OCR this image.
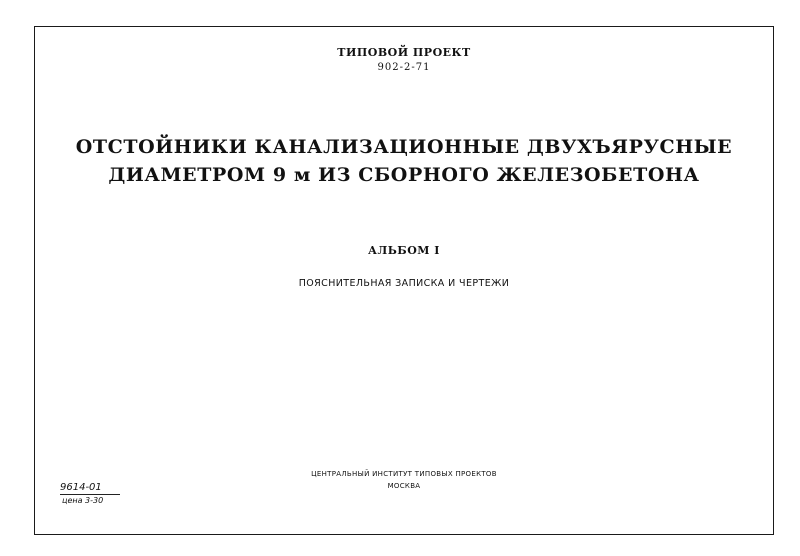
ТИПОВОЙ ПРОЕКТ
902-2-71
ОТСТОЙНИКИ КАНАЛИЗАЦИОННЫЕ ДВУХЪЯРУСНЫЕ
ДИАМЕТРОМ 9 м ИЗ СБОРНОГО ЖЕЛЕЗОБЕТОНА
АЛЬБОМ I
ПОЯСНИТЕЛЬНАЯ ЗАПИСКА И ЧЕРТЕЖИ
ЦЕНТРАЛЬНЫЙ ИНСТИТУТ ТИПОВЫХ ПРОЕКТОВ
МОСКВА
9614-01
цена 3-30
